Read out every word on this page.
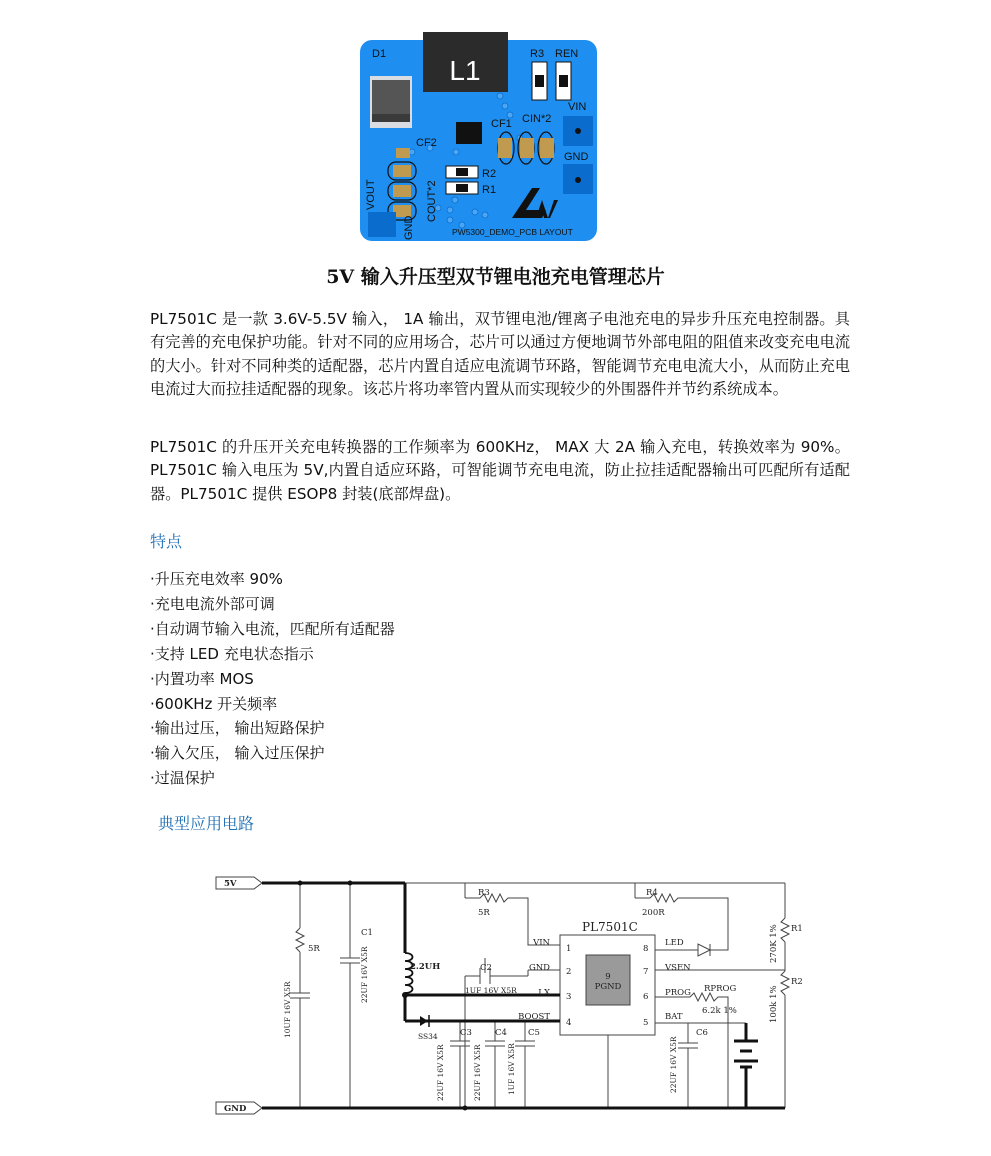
D1
L1
R3 REN
VIN
GND
CF1 CIN*2
CF2
COUT*2
VOUT
GND
R2
R1
PW5300_DEMO_PCB LAYOUT
5V 输入升压型双节锂电池充电管理芯片
PL7501C 是一款 3.6V-5.5V 输入， 1A 输出，双节锂电池/锂离子电池充电的异步升压充电控制器。具有完善的充电保护功能。针对不同的应用场合，芯片可以通过方便地调节外部电阻的阻值来改变充电电流的大小。针对不同种类的适配器，芯片内置自适应电流调节环路，智能调节充电电流大小，从而防止充电电流过大而拉挂适配器的现象。该芯片将功率管内置从而实现较少的外围器件并节约系统成本。
PL7501C 的升压开关充电转换器的工作频率为 600KHz， MAX 大 2A 输入充电，转换效率为 90%。 PL7501C 输入电压为 5V,内置自适应环路，可智能调节充电电流，防止拉挂适配器输出可匹配所有适配器。PL7501C 提供 ESOP8 封装(底部焊盘)。
特点
·升压充电效率 90%
·充电电流外部可调
·自动调节输入电流，匹配所有适配器
·支持 LED 充电状态指示
·内置功率 MOS
·600KHz 开关频率
·输出过压， 输出短路保护
·输入欠压， 输入过压保护
·过温保护
典型应用电路
5V
GND
PL7501C
VIN
GND
LX
BOOST
1
2
3
4
LED
VSEN
PROG
BAT
8
7
6
5
9
PGND
R3
5R
R4
200R
R1
270K 1%
R2
100k 1%
RPROG
6.2k 1%
C2
1UF 16V X5R
2.2UH
5R
10UF 16V X5R
C1
22UF 16V X5R
SS34	C3
22UF 16V X5R
C4
22UF 16V X5R
C5
1UF 16V X5R
C6
22UF 16V X5R
